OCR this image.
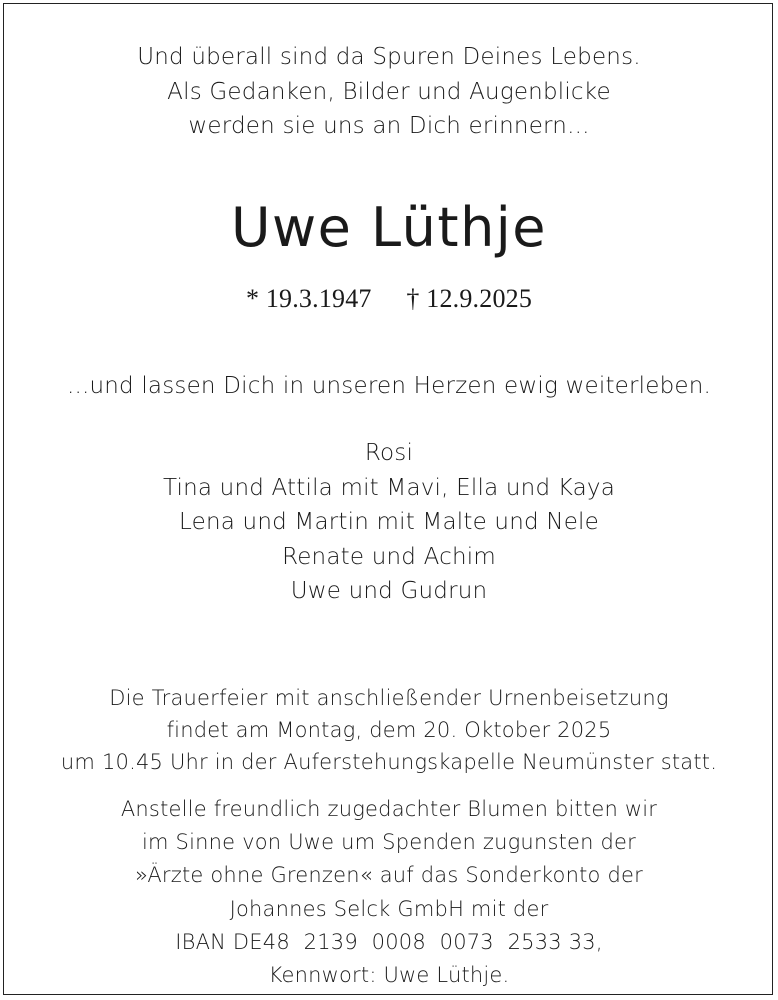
Und überall sind da Spuren Deines Lebens.
Als Gedanken, Bilder und Augenblicke
werden sie uns an Dich erinnern...
Uwe Lüthje
* 19.3.1947 † 12.9.2025
...und lassen Dich in unseren Herzen ewig weiterleben.
Rosi
Tina und Attila mit Mavi, Ella und Kaya
Lena und Martin mit Malte und Nele
Renate und Achim
Uwe und Gudrun
Die Trauerfeier mit anschließender Urnenbeisetzung
findet am Montag, dem 20. Oktober 2025
um 10.45 Uhr in der Auferstehungskapelle Neumünster statt.
Anstelle freundlich zugedachter Blumen bitten wir
im Sinne von Uwe um Spenden zugunsten der
»Ärzte ohne Grenzen« auf das Sonderkonto der
Johannes Selck GmbH mit der
IBAN DE48  2139  0008  0073  2533 33,
Kennwort: Uwe Lüthje.
